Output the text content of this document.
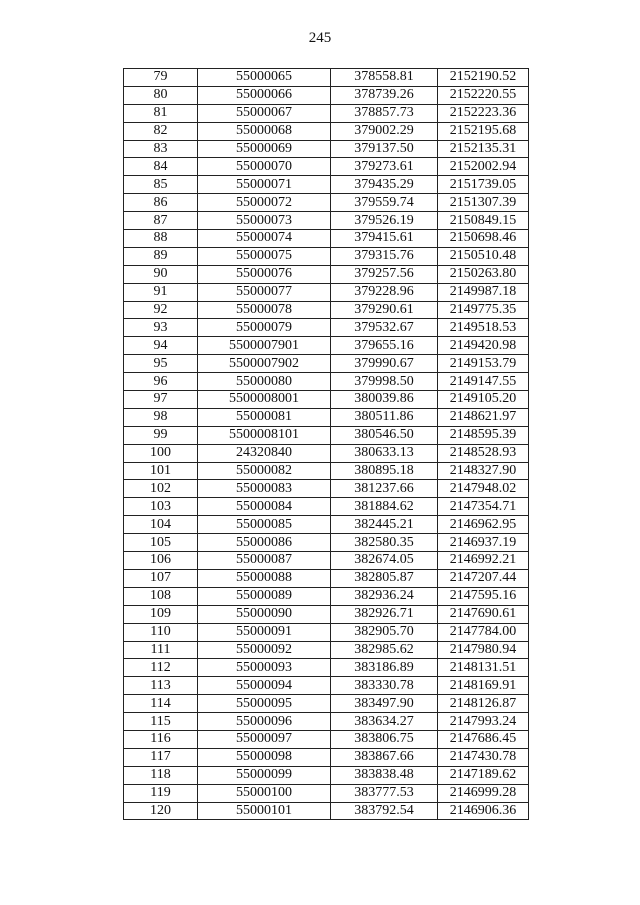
245
79	55000065	378558.81	2152190.52
80	55000066	378739.26	2152220.55
81	55000067	378857.73	2152223.36
82	55000068	379002.29	2152195.68
83	55000069	379137.50	2152135.31
84	55000070	379273.61	2152002.94
85	55000071	379435.29	2151739.05
86	55000072	379559.74	2151307.39
87	55000073	379526.19	2150849.15
88	55000074	379415.61	2150698.46
89	55000075	379315.76	2150510.48
90	55000076	379257.56	2150263.80
91	55000077	379228.96	2149987.18
92	55000078	379290.61	2149775.35
93	55000079	379532.67	2149518.53
94	5500007901	379655.16	2149420.98
95	5500007902	379990.67	2149153.79
96	55000080	379998.50	2149147.55
97	5500008001	380039.86	2149105.20
98	55000081	380511.86	2148621.97
99	5500008101	380546.50	2148595.39
100	24320840	380633.13	2148528.93
101	55000082	380895.18	2148327.90
102	55000083	381237.66	2147948.02
103	55000084	381884.62	2147354.71
104	55000085	382445.21	2146962.95
105	55000086	382580.35	2146937.19
106	55000087	382674.05	2146992.21
107	55000088	382805.87	2147207.44
108	55000089	382936.24	2147595.16
109	55000090	382926.71	2147690.61
110	55000091	382905.70	2147784.00
111	55000092	382985.62	2147980.94
112	55000093	383186.89	2148131.51
113	55000094	383330.78	2148169.91
114	55000095	383497.90	2148126.87
115	55000096	383634.27	2147993.24
116	55000097	383806.75	2147686.45
117	55000098	383867.66	2147430.78
118	55000099	383838.48	2147189.62
119	55000100	383777.53	2146999.28
120	55000101	383792.54	2146906.36
